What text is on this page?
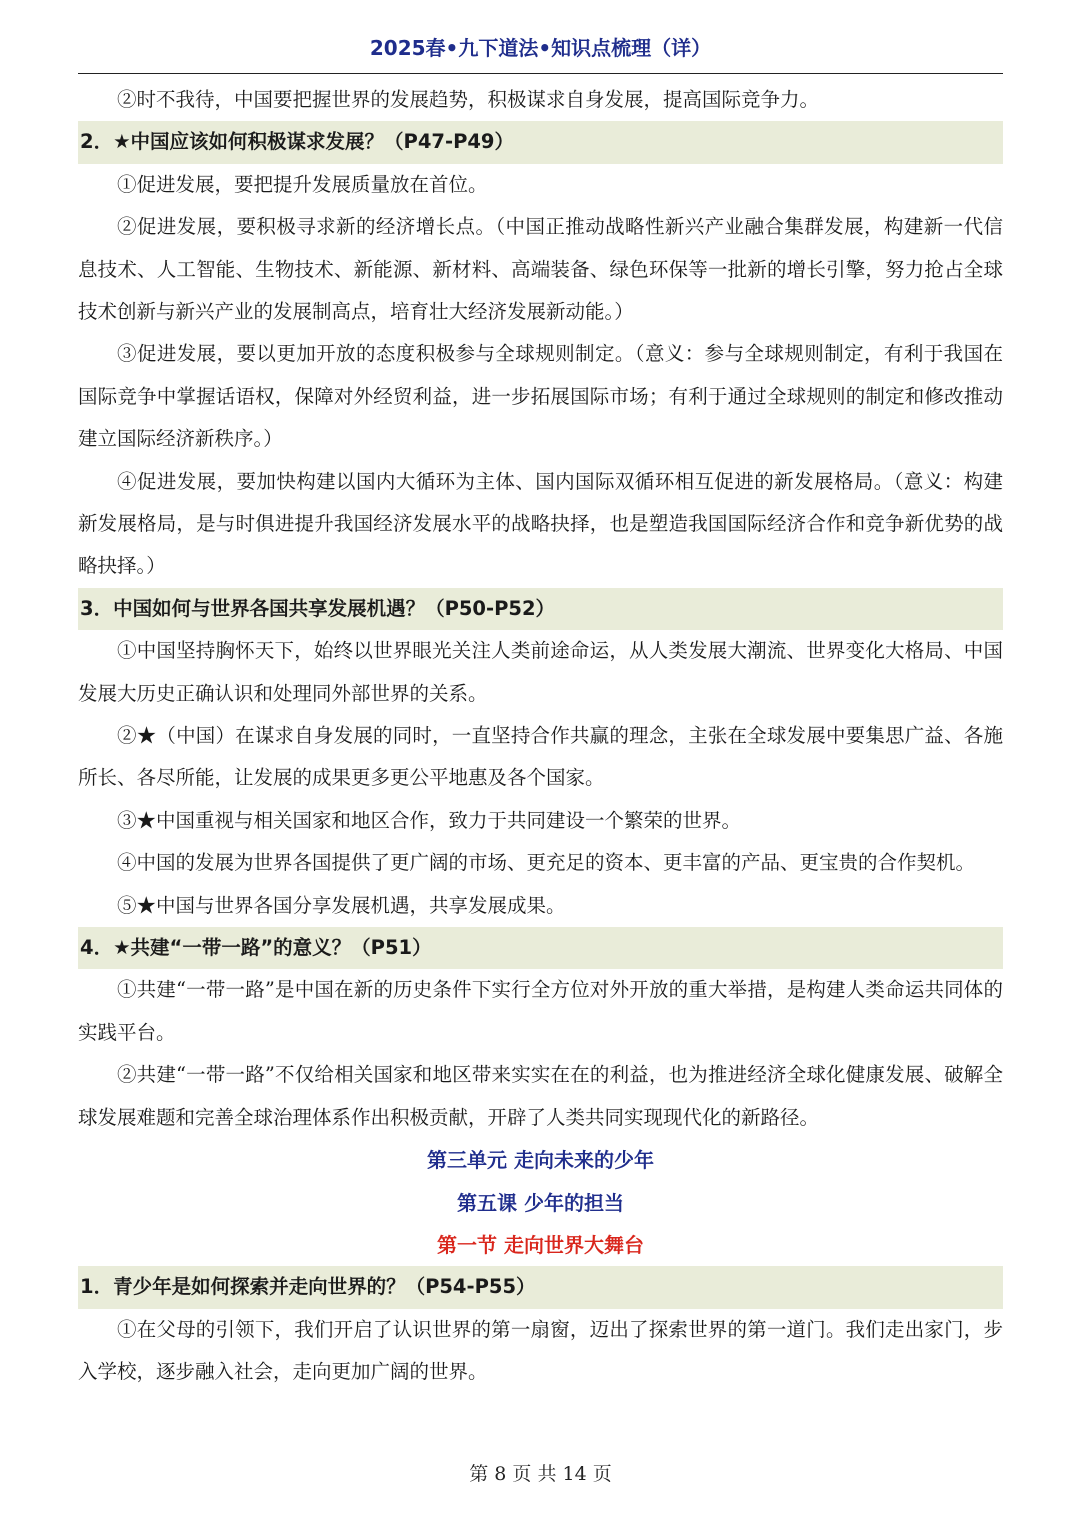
2025春•九下道法•知识点梳理（详）

②时不我待，中国要把握世界的发展趋势，积极谋求自身发展，提高国际竞争力。

2．★中国应该如何积极谋求发展？（P47-P49）

①促进发展，要把提升发展质量放在首位。

②促进发展，要积极寻求新的经济增长点。（中国正推动战略性新兴产业融合集群发展，构建新一代信息技术、人工智能、生物技术、新能源、新材料、高端装备、绿色环保等一批新的增长引擎，努力抢占全球技术创新与新兴产业的发展制高点，培育壮大经济发展新动能。）

③促进发展，要以更加开放的态度积极参与全球规则制定。（意义：参与全球规则制定，有利于我国在国际竞争中掌握话语权，保障对外经贸利益，进一步拓展国际市场；有利于通过全球规则的制定和修改推动建立国际经济新秩序。）

④促进发展，要加快构建以国内大循环为主体、国内国际双循环相互促进的新发展格局。（意义：构建新发展格局，是与时俱进提升我国经济发展水平的战略抉择，也是塑造我国国际经济合作和竞争新优势的战略抉择。）

3．中国如何与世界各国共享发展机遇？（P50-P52）

①中国坚持胸怀天下，始终以世界眼光关注人类前途命运，从人类发展大潮流、世界变化大格局、中国发展大历史正确认识和处理同外部世界的关系。

②★（中国）在谋求自身发展的同时，一直坚持合作共赢的理念，主张在全球发展中要集思广益、各施所长、各尽所能，让发展的成果更多更公平地惠及各个国家。

③★中国重视与相关国家和地区合作，致力于共同建设一个繁荣的世界。

④中国的发展为世界各国提供了更广阔的市场、更充足的资本、更丰富的产品、更宝贵的合作契机。

⑤★中国与世界各国分享发展机遇，共享发展成果。

4．★共建“一带一路”的意义？（P51）

①共建“一带一路”是中国在新的历史条件下实行全方位对外开放的重大举措，是构建人类命运共同体的实践平台。

②共建“一带一路”不仅给相关国家和地区带来实实在在的利益，也为推进经济全球化健康发展、破解全球发展难题和完善全球治理体系作出积极贡献，开辟了人类共同实现现代化的新路径。

第三单元 走向未来的少年

第五课 少年的担当

第一节 走向世界大舞台

1．青少年是如何探索并走向世界的？（P54-P55）

①在父母的引领下，我们开启了认识世界的第一扇窗，迈出了探索世界的第一道门。我们走出家门，步入学校，逐步融入社会，走向更加广阔的世界。

第 8 页 共 14 页
